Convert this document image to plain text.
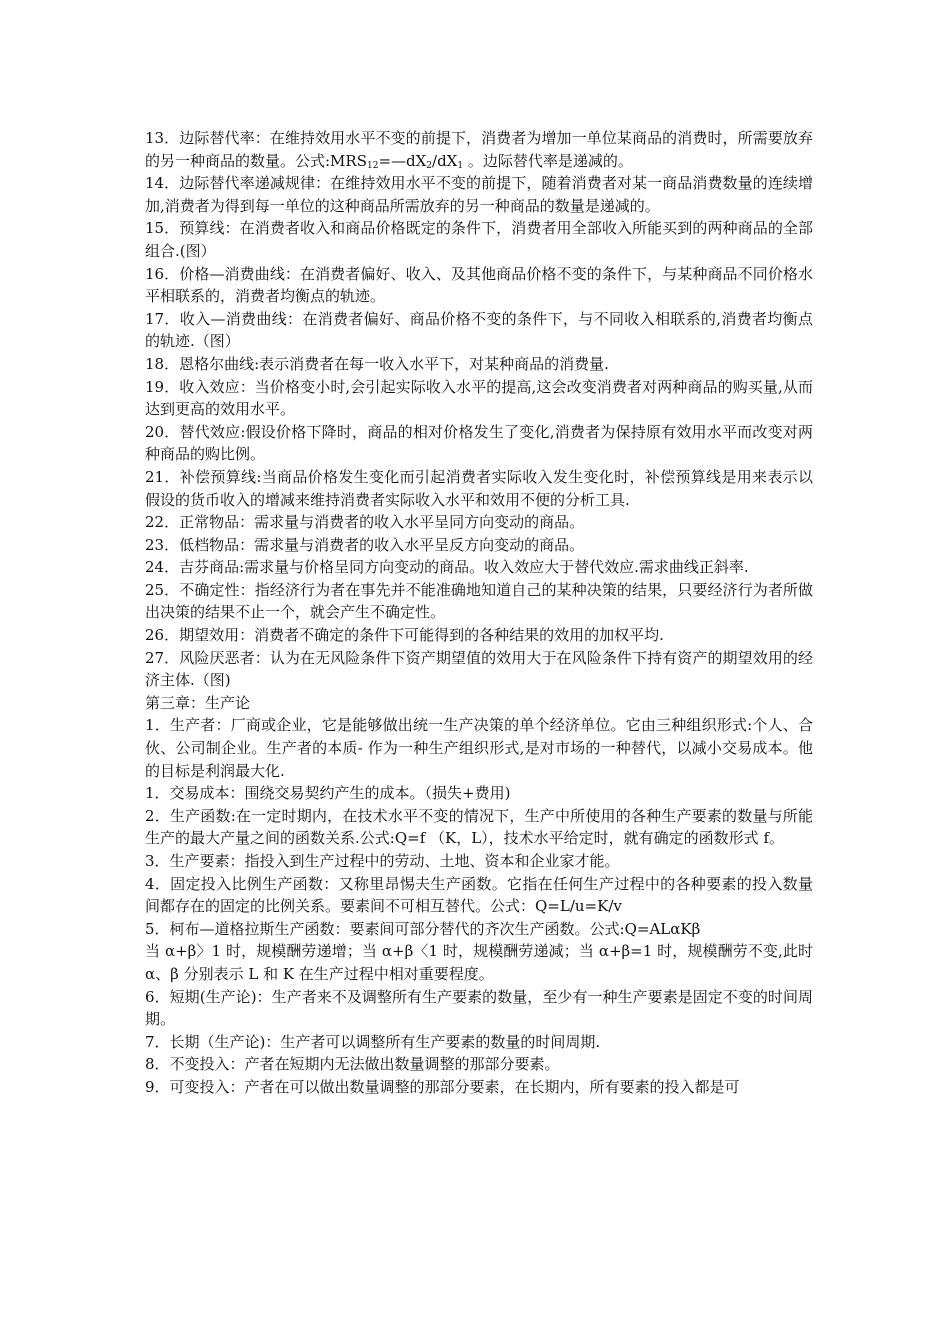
13．边际替代率：在维持效用水平不变的前提下，消费者为增加一单位某商品的消费时，所需要放弃的另一种商品的数量。公式$:MRS_{12}=—dX_2/dX_1$ 。边际替代率是递减的。

14．边际替代率递减规律：在维持效用水平不变的前提下，随着消费者对某一商品消费数量的连续增加,消费者为得到每一单位的这种商品所需放弃的另一种商品的数量是递减的。

15．预算线：在消费者收入和商品价格既定的条件下，消费者用全部收入所能买到的两种商品的全部组合.(图）

16．价格—消费曲线：在消费者偏好、收入、及其他商品价格不变的条件下，与某种商品不同价格水平相联系的，消费者均衡点的轨迹。

17．收入—消费曲线：在消费者偏好、商品价格不变的条件下，与不同收入相联系的,消费者均衡点的轨迹.（图）

18．恩格尔曲线:表示消费者在每一收入水平下，对某种商品的消费量.

19．收入效应：当价格变小时,会引起实际收入水平的提高,这会改变消费者对两种商品的购买量,从而达到更高的效用水平。

20．替代效应:假设价格下降时，商品的相对价格发生了变化,消费者为保持原有效用水平而改变对两种商品的购比例。

21．补偿预算线:当商品价格发生变化而引起消费者实际收入发生变化时，补偿预算线是用来表示以假设的货币收入的增减来维持消费者实际收入水平和效用不便的分析工具.

22．正常物品：需求量与消费者的收入水平呈同方向变动的商品。

23．低档物品：需求量与消费者的收入水平呈反方向变动的商品。

24．吉芬商品:需求量与价格呈同方向变动的商品。收入效应大于替代效应.需求曲线正斜率.

25．不确定性：指经济行为者在事先并不能准确地知道自己的某种决策的结果，只要经济行为者所做出决策的结果不止一个，就会产生不确定性。

26．期望效用：消费者不确定的条件下可能得到的各种结果的效用的加权平均.

27．风险厌恶者：认为在无风险条件下资产期望值的效用大于在风险条件下持有资产的期望效用的经济主体.（图)

第三章：生产论

1．生产者：厂商或企业，它是能够做出统一生产决策的单个经济单位。它由三种组织形式:个人、合伙、公司制企业。生产者的本质- 作为一种生产组织形式,是对市场的一种替代，以减小交易成本。他的目标是利润最大化.

1．交易成本：围绕交易契约产生的成本。（损失+费用)

2．生产函数:在一定时期内，在技术水平不变的情况下，生产中所使用的各种生产要素的数量与所能生产的最大产量之间的函数关系.公式:Q=f （K，L），技术水平给定时，就有确定的函数形式 f。

3．生产要素：指投入到生产过程中的劳动、土地、资本和企业家才能。

4．固定投入比例生产函数：又称里昂惕夫生产函数。它指在任何生产过程中的各种要素的投入数量间都存在的固定的比例关系。要素间不可相互替代。公式：Q=L/u=K/v

5．柯布—道格拉斯生产函数：要素间可部分替代的齐次生产函数。公式:Q=ALαKβ

当 α+β〉1 时，规模酬劳递增；当 α+β〈1 时，规模酬劳递减；当 α+β=1 时，规模酬劳不变,此时 α、β 分别表示 L 和 K 在生产过程中相对重要程度。

6．短期(生产论)：生产者来不及调整所有生产要素的数量，至少有一种生产要素是固定不变的时间周期。

7．长期（生产论)：生产者可以调整所有生产要素的数量的时间周期.

8．不变投入：产者在短期内无法做出数量调整的那部分要素。

9．可变投入：产者在可以做出数量调整的那部分要素，在长期内，所有要素的投入都是可
